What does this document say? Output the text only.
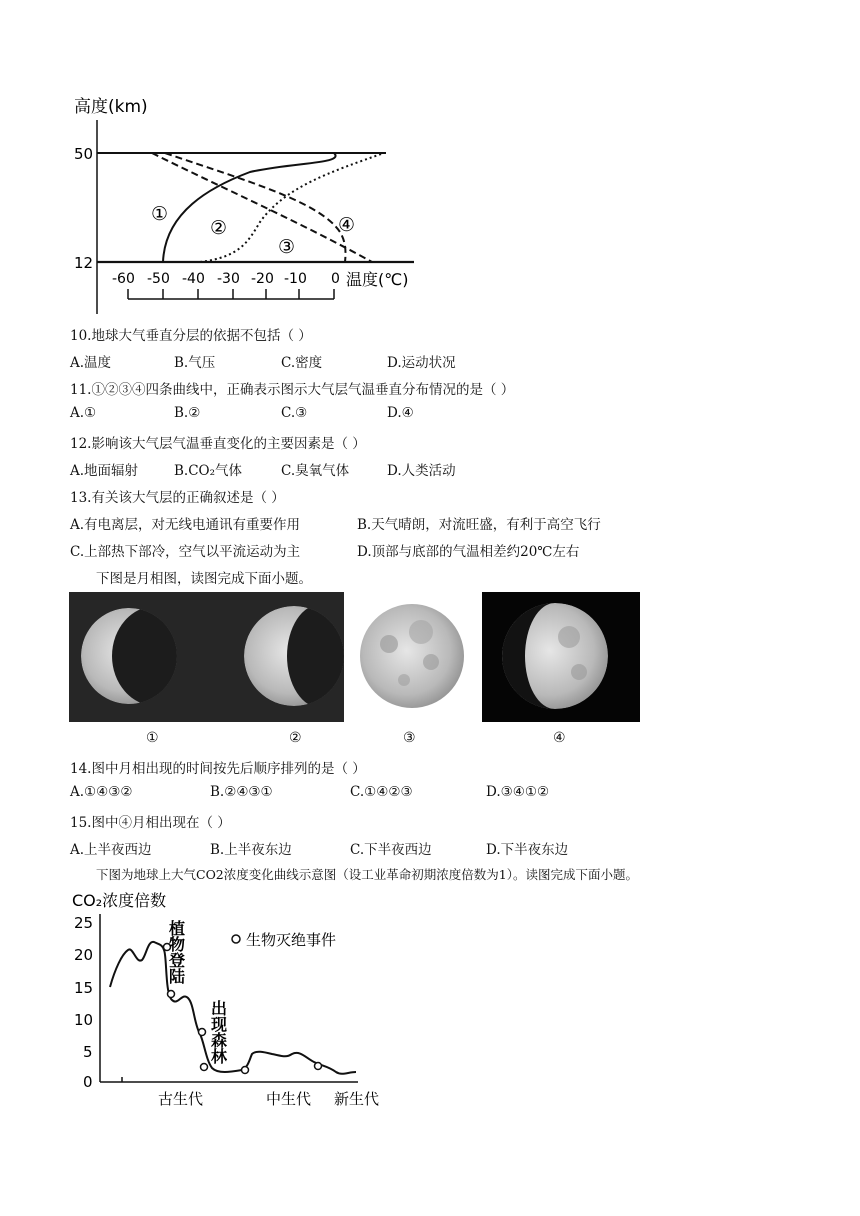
高度(km)
50
12
①
②
③
④
-60 -50 -40 -30 -20 -10 0 温度(℃)
10.地球大气垂直分层的依据不包括（ ）
A.温度	B.气压	C.密度	D.运动状况
11.①②③④四条曲线中，正确表示图示大气层气温垂直分布情况的是（ ）
A.①	B.②	C.③	D.④
12.影响该大气层气温垂直变化的主要因素是（ ）
A.地面辐射	B.CO₂气体	C.臭氧气体	D.人类活动
13.有关该大气层的正确叙述是（ ）
A.有电离层，对无线电通讯有重要作用	B.天气晴朗，对流旺盛，有利于高空飞行
C.上部热下部冷，空气以平流运动为主	D.顶部与底部的气温相差约20℃左右
下图是月相图，读图完成下面小题。
①	②	③	④
14.图中月相出现的时间按先后顺序排列的是（ ）
A.①④③②	B.②④③①	C.①④②③	D.③④①②
15.图中④月相出现在（ ）
A.上半夜西边	B.上半夜东边	C.下半夜西边	D.下半夜东边
下图为地球上大气CO2浓度变化曲线示意图（设工业革命初期浓度倍数为1）。读图完成下面小题。
CO₂浓度倍数
25
20
15
10
5
0
生物灭绝事件
植物登陆
出现森林
古生代	中生代 新生代
